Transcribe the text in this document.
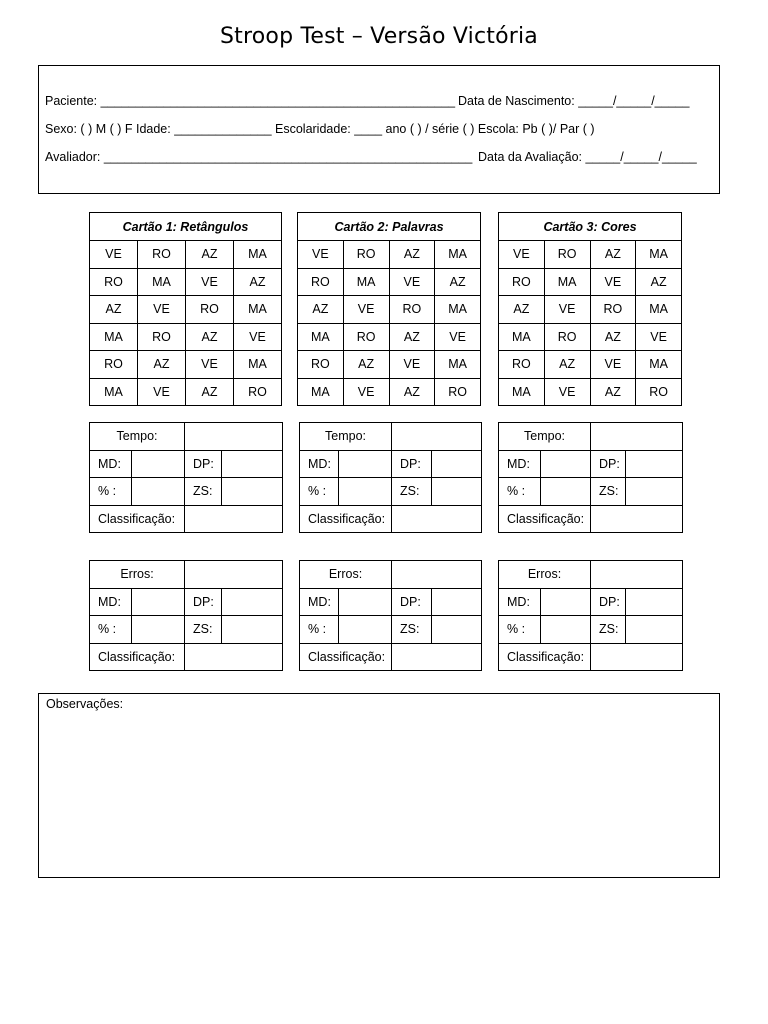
Stroop Test – Versão Victória
Paciente: ___________________________________________________ Data de Nascimento: _____/_____/_____
Sexo: ( ) M ( ) F Idade: ______________ Escolaridade: ____ ano ( ) / série ( ) Escola: Pb ( )/ Par ( )
Avaliador: _____________________________________________________ Data da Avaliação: _____/_____/_____
Cartão 1: Retângulos			
VE	RO	AZ	MA
RO	MA	VE	AZ
AZ	VE	RO	MA
MA	RO	AZ	VE
RO	AZ	VE	MA
MA	VE	AZ	RO
Cartão 2: Palavras			
VE	RO	AZ	MA
RO	MA	VE	AZ
AZ	VE	RO	MA
MA	RO	AZ	VE
RO	AZ	VE	MA
MA	VE	AZ	RO
Cartão 3: Cores			
VE	RO	AZ	MA
RO	MA	VE	AZ
AZ	VE	RO	MA
MA	RO	AZ	VE
RO	AZ	VE	MA
MA	VE	AZ	RO
Tempo:			
MD:		DP:	
% :		ZS:	
Classificação:			
Tempo:			
MD:		DP:	
% :		ZS:	
Classificação:			
Tempo:			
MD:		DP:	
% :		ZS:	
Classificação:			
Erros:			
MD:		DP:	
% :		ZS:	
Classificação:			
Erros:			
MD:		DP:	
% :		ZS:	
Classificação:			
Erros:			
MD:		DP:	
% :		ZS:	
Classificação:			
Observações:
